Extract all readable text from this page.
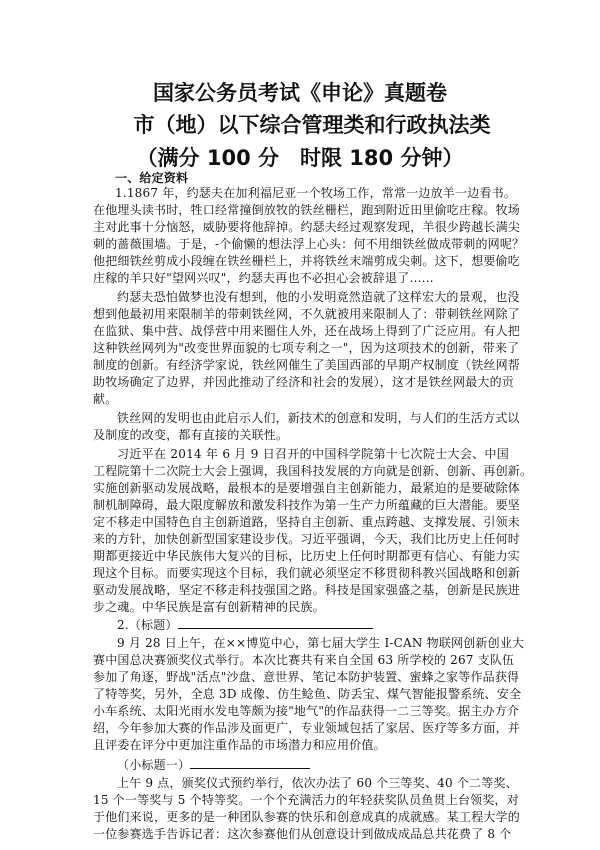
国家公务员考试《申论》真题卷
市（地）以下综合管理类和行政执法类
（满分 100 分　时限 180 分钟）
一、给定资料
1.1867 年，约瑟夫在加利福尼亚一个牧场工作，常常一边放羊一边看书。
在他埋头读书时，牲口经常撞倒放牧的铁丝栅栏，跑到附近田里偷吃庄稼。牧场
主对此事十分恼怒，威胁要将他辞掉。约瑟夫经过观察发现，羊很少跨越长满尖
刺的蔷薇围墙。于是，-个偷懒的想法浮上心头：何不用细铁丝做成带刺的网呢？
他把细铁丝剪成小段缠在铁丝栅栏上，并将铁丝末端剪成尖刺。这下，想要偷吃
庄稼的羊只好"望网兴叹"，约瑟夫再也不必担心会被辞退了……
约瑟夫恐怕做梦也没有想到，他的小发明竟然造就了这样宏大的景观，也没
想到他最初用来限制羊的带刺铁丝网，不久就被用来限制人了：带刺铁丝网除了
在监狱、集中营、战俘营中用来圈住人外，还在战场上得到了广泛应用。有人把
这种铁丝网列为"改变世界面貌的七项专利之一"，因为这项技术的创新，带来了
制度的创新。有经济学家说，铁丝网催生了美国西部的早期产权制度（铁丝网帮
助牧场确定了边界，并因此推动了经济和社会的发展），这才是铁丝网最大的贡
献。
铁丝网的发明也由此启示人们，新技术的创意和发明，与人们的生活方式以
及制度的改变，都有直接的关联性。
习近平在 2014 年 6 月 9 日召开的中国科学院第十七次院士大会、中国
工程院第十二次院士大会上强调，我国科技发展的方向就是创新、创新、再创新。
实施创新驱动发展战略，最根本的是要增强自主创新能力，最紧迫的是要破除体
制机制障碍，最大限度解放和激发科技作为第一生产力所蕴藏的巨大潜能。要坚
定不移走中国特色自主创新道路，坚持自主创新、重点跨越、支撑发展、引领未
来的方针，加快创新型国家建设步伐。习近平强调，今天，我们比历史上任何时
期都更接近中华民族伟大复兴的目标，比历史上任何时期都更有信心、有能力实
现这个目标。而要实现这个目标，我们就必须坚定不移贯彻科教兴国战略和创新
驱动发展战略，坚定不移走科技强国之路。科技是国家强盛之基，创新是民族进
步之魂。中华民族是富有创新精神的民族。
2.（标题）
9 月 28 日上午，在××博览中心，第七届大学生 I-CAN 物联网创新创业大
赛中国总决赛颁奖仪式举行。本次比赛共有来自全国 63 所学校的 267 支队伍
参加了角逐，野战"活点"沙盘、意世界、笔记本防护装置、蜜蜂之家等作品获得
了特等奖，另外，全息 3D 成像、仿生鲶鱼、防丢宝、煤气智能报警系统、安全
小车系统、太阳光雨水发电等颇为接"地气"的作品获得一二三等奖。据主办方介
绍，今年参加大赛的作品涉及面更广，专业领域包括了家居、医疗等多方面，并
且评委在评分中更加注重作品的市场潜力和应用价值。
（小标题一）
上午 9 点，颁奖仪式预约举行，依次办法了 60 个三等奖、40 个二等奖、
15 个一等奖与 5 个特等奖。一个个充满活力的年轻获奖队员鱼贯上台领奖，对
于他们来说，更多的是一种团队参赛的快乐和创意成真的成就感。某工程大学的
一位参赛选手告诉记者：这次参赛他们从创意设计到做成成品总共花费了 8 个
